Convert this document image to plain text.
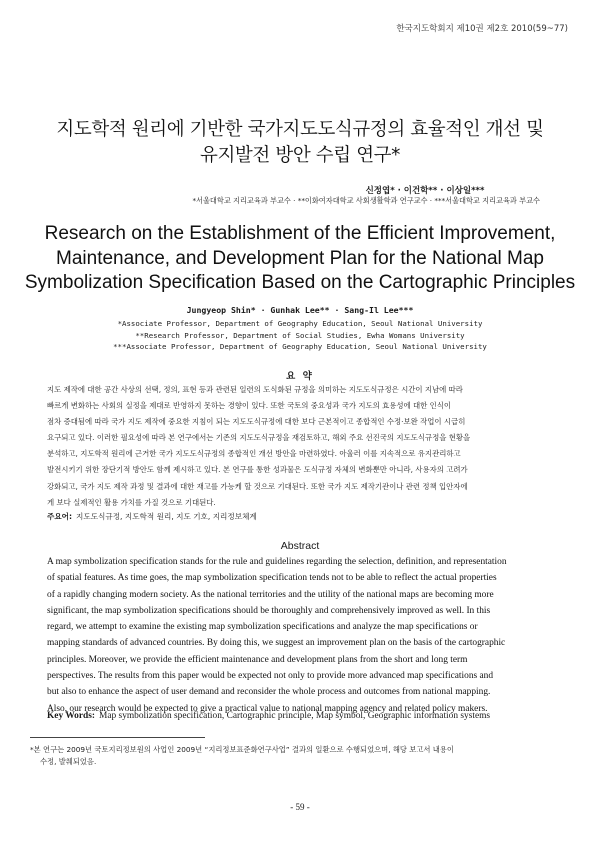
한국지도학회지 제10권 제2호 2010(59~77)
지도학적 원리에 기반한 국가지도도식규정의 효율적인 개선 및
유지발전 방안 수립 연구*
신정엽* · 이건학** · 이상일***
*서울대학교 지리교육과 부교수 · **이화여자대학교 사회생활학과 연구교수 · ***서울대학교 지리교육과 부교수
Research on the Establishment of the Efficient Improvement,
Maintenance, and Development Plan for the National Map
Symbolization Specification Based on the Cartographic Principles
Jungyeop Shin* · Gunhak Lee** · Sang-Il Lee***
*Associate Professor, Department of Geography Education, Seoul National University
**Research Professor, Department of Social Studies, Ewha Womans University
***Associate Professor, Department of Geography Education, Seoul National University
요 약
지도 제작에 대한 공간 사상의 선택, 정의, 표현 등과 관련된 일련의 도식화된 규정을 의미하는 지도도식규정은 시간이 지남에 따라
빠르게 변화하는 사회의 실정을 제대로 반영하지 못하는 경향이 있다. 또한 국토의 중요성과 국가 지도의 효용성에 대한 인식이
점차 증대됨에 따라 국가 지도 제작에 중요한 지침이 되는 지도도식규정에 대한 보다 근본적이고 종합적인 수정·보완 작업이 시급히
요구되고 있다. 이러한 필요성에 따라 본 연구에서는 기존의 지도도식규정을 재검토하고, 해외 주요 선진국의 지도도식규정을 현황을
분석하고, 지도학적 원리에 근거한 국가 지도도식규정의 종합적인 개선 방안을 마련하였다. 아울러 이를 지속적으로 유지관리하고
발전시키기 위한 장단기적 방안도 함께 제시하고 있다. 본 연구를 통한 성과물은 도식규정 자체의 변화뿐만 아니라, 사용자의 고려가
강화되고, 국가 지도 제작 과정 및 결과에 대한 재고를 가능케 할 것으로 기대된다. 또한 국가 지도 제작기관이나 관련 정책 입안자에
게 보다 실제적인 활용 가치를 가질 것으로 기대된다.
주요어: 지도도식규정, 지도학적 원리, 지도 기호, 지리정보체계
Abstract
A map symbolization specification stands for the rule and guidelines regarding the selection, definition, and representation
of spatial features. As time goes, the map symbolization specification tends not to be able to reflect the actual properties
of a rapidly changing modern society. As the national territories and the utility of the national maps are becoming more
significant, the map symbolization specifications should be thoroughly and comprehensively improved as well. In this
regard, we attempt to examine the existing map symbolization specifications and analyze the map specifications or
mapping standards of advanced countries. By doing this, we suggest an improvement plan on the basis of the cartographic
principles. Moreover, we provide the efficient maintenance and development plans from the short and long term
perspectives. The results from this paper would be expected not only to provide more advanced map specifications and
but also to enhance the aspect of user demand and reconsider the whole process and outcomes from national mapping.
Also, our research would be expected to give a practical value to national mapping agency and related policy makers.
Key Words: Map symbolization specification, Cartographic principle, Map symbol, Geographic information systems
*본 연구는 2009년 국토지리정보원의 사업인 2009년 “지리정보표준화연구사업” 결과의 일환으로 수행되었으며, 해당 보고서 내용이
수정, 발췌되었음.
- 59 -
